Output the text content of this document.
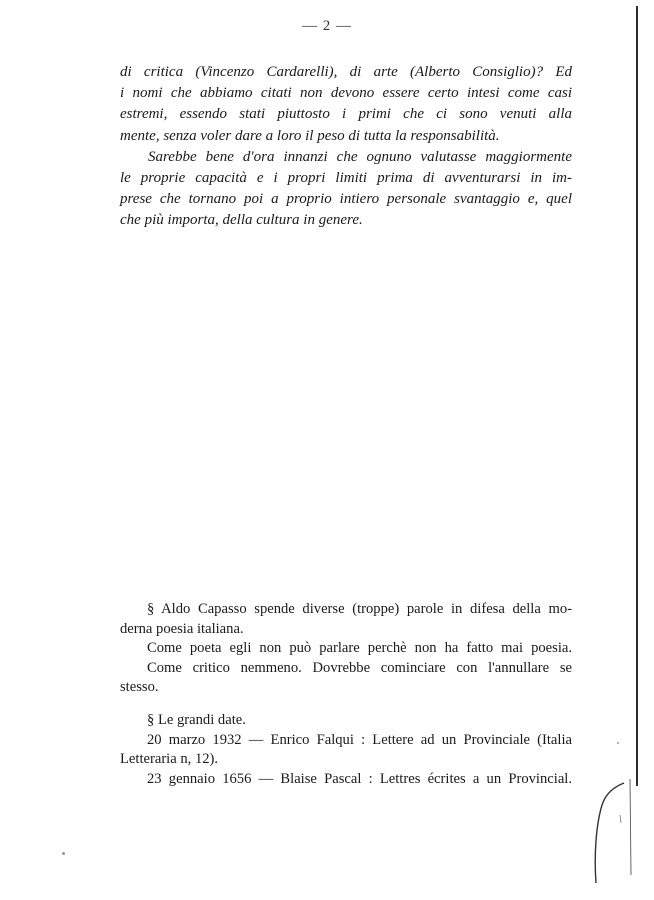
— 2 —
di critica (Vincenzo Cardarelli), di arte (Alberto Consiglio)? Ed
i nomi che abbiamo citati non devono essere certo intesi come casi
estremi, essendo stati piuttosto i primi che ci sono venuti alla
mente, senza voler dare a loro il peso di tutta la responsabilità.
Sarebbe bene d'ora innanzi che ognuno valutasse maggiormente
le proprie capacità e i propri limiti prima di avventurarsi in im-
prese che tornano poi a proprio intiero personale svantaggio e, quel
che più importa, della cultura in genere.
§ Aldo Capasso spende diverse (troppe) parole in difesa della mo-
derna poesia italiana.
Come poeta egli non può parlare perchè non ha fatto mai poesia.
Come critico nemmeno. Dovrebbe cominciare con l'annullare se
stesso.
§ Le grandi date.
20 marzo 1932 — Enrico Falqui : Lettere ad un Provinciale (Italia
Letteraria n, 12).
23 gennaio 1656 — Blaise Pascal : Lettres écrites a un Provincial.
